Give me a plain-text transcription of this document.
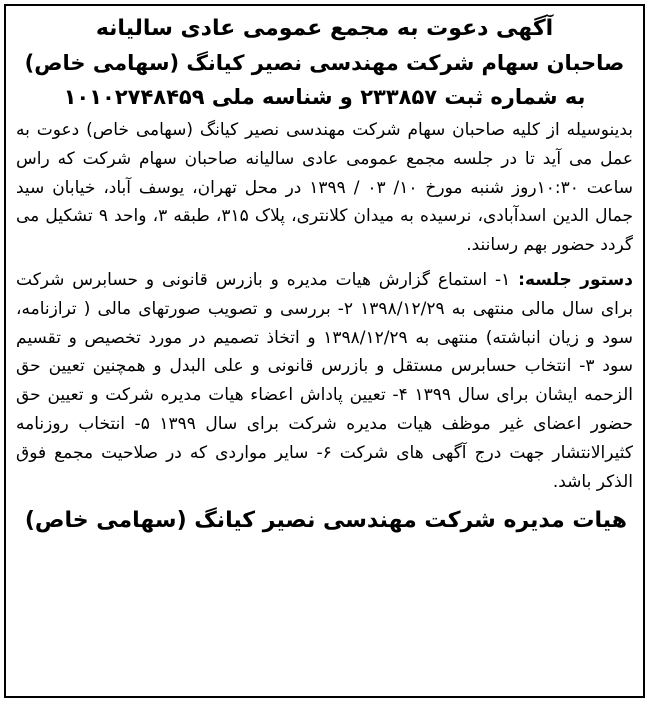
آگهی دعوت به مجمع عمومی عادی سالیانه
صاحبان سهام شرکت مهندسی نصیر کیانگ (سهامی خاص)
به شماره ثبت ۲۳۳۸۵۷ و شناسه ملی ۱۰۱۰۲۷۴۸۴۵۹

بدینوسیله از کلیه صاحبان سهام شرکت مهندسی نصیر کیانگ (سهامی خاص) دعوت به عمل می آید تا در جلسه مجمع عمومی عادی سالیانه صاحبان سهام شرکت که راس ساعت ۱۰:۳۰روز شنبه مورخ ۱۰/ ۰۳ / ۱۳۹۹ در محل تهران، یوسف آباد، خیابان سید جمال الدین اسدآبادی، نرسیده به میدان کلانتری، پلاک ۳۱۵، طبقه ۳، واحد ۹ تشکیل می گردد حضور بهم رسانند.

دستور جلسه: ۱- استماع گزارش هیات مدیره و بازرس قانونی و حسابرس شرکت برای سال مالی منتهی به ۱۳۹۸/۱۲/۲۹ ۲- بررسی و تصویب صورتهای مالی ( ترازنامه، سود و زیان انباشته) منتهی به ۱۳۹۸/۱۲/۲۹ و اتخاذ تصمیم در مورد تخصیص و تقسیم سود ۳- انتخاب حسابرس مستقل و بازرس قانونی و علی البدل و همچنین تعیین حق الزحمه ایشان برای سال ۱۳۹۹ ۴- تعیین پاداش اعضاء هیات مدیره شرکت و تعیین حق حضور اعضای غیر موظف هیات مدیره شرکت برای سال ۱۳۹۹ ۵- انتخاب روزنامه کثیرالانتشار جهت درج آگهی های شرکت ۶- سایر مواردی که در صلاحیت مجمع فوق الذکر باشد.

هیات مدیره شرکت مهندسی نصیر کیانگ (سهامی خاص)
